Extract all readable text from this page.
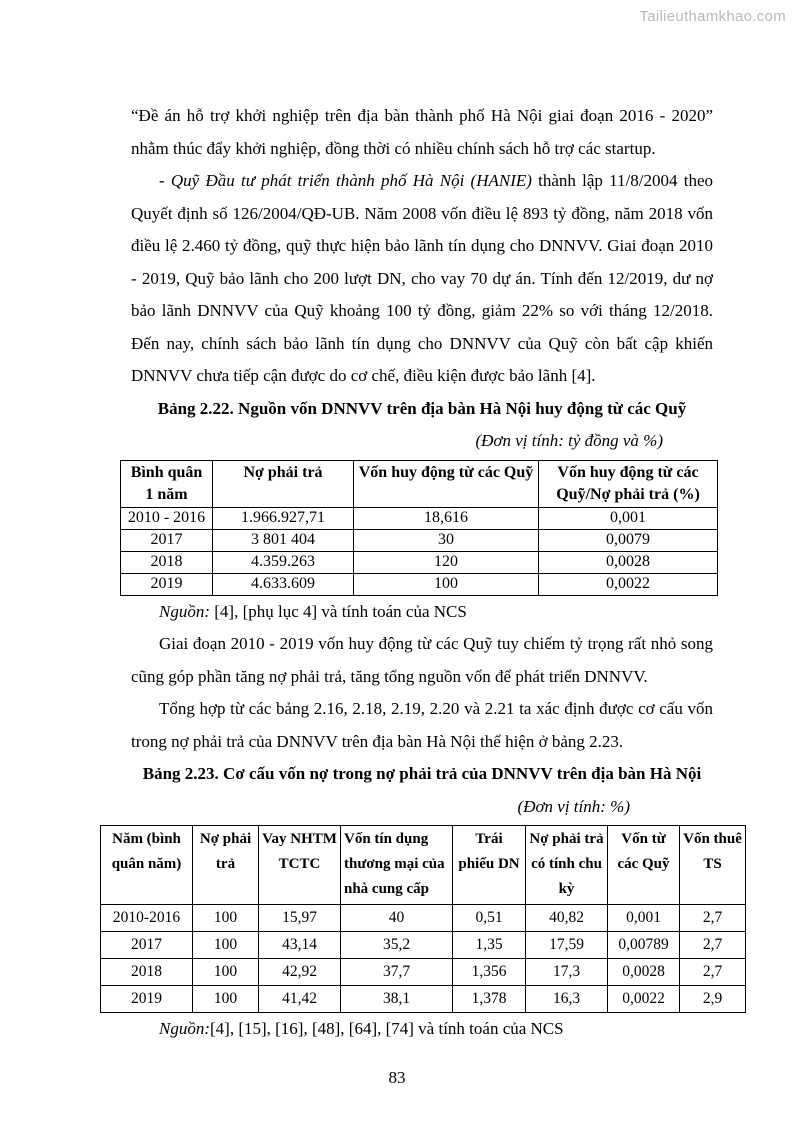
Tailieuthamkhao.com

“Đề án hỗ trợ khởi nghiệp trên địa bàn thành phố Hà Nội giai đoạn 2016 - 2020” nhằm thúc đẩy khởi nghiệp, đồng thời có nhiều chính sách hỗ trợ các startup.

- Quỹ Đầu tư phát triển thành phố Hà Nội (HANIE) thành lập 11/8/2004 theo Quyết định số 126/2004/QĐ-UB. Năm 2008 vốn điều lệ 893 tỷ đồng, năm 2018 vốn điều lệ 2.460 tỷ đồng, quỹ thực hiện bảo lãnh tín dụng cho DNNVV. Giai đoạn 2010 - 2019, Quỹ bảo lãnh cho 200 lượt DN, cho vay 70 dự án. Tính đến 12/2019, dư nợ bảo lãnh DNNVV của Quỹ khoảng 100 tỷ đồng, giảm 22% so với tháng 12/2018. Đến nay, chính sách bảo lãnh tín dụng cho DNNVV của Quỹ còn bất cập khiến DNNVV chưa tiếp cận được do cơ chế, điều kiện được bảo lãnh [4].

Bảng 2.22. Nguồn vốn DNNVV trên địa bàn Hà Nội huy động từ các Quỹ
(Đơn vị tính: tỷ đồng và %)
Bình quân 1 năm	Nợ phải trả	Vốn huy động từ các Quỹ	Vốn huy động từ các Quỹ/Nợ phải trả (%)
2010 - 2016	1.966.927,71	18,616	0,001
2017	3 801 404	30	0,0079
2018	4.359.263	120	0,0028
2019	4.633.609	100	0,0022
Nguồn: [4], [phụ lục 4] và tính toán của NCS

Giai đoạn 2010 - 2019 vốn huy động từ các Quỹ tuy chiếm tỷ trọng rất nhỏ song cũng góp phần tăng nợ phải trả, tăng tổng nguồn vốn để phát triển DNNVV.

Tổng hợp từ các bảng 2.16, 2.18, 2.19, 2.20 và 2.21 ta xác định được cơ cấu vốn trong nợ phải trả của DNNVV trên địa bàn Hà Nội thể hiện ở bảng 2.23.

Bảng 2.23. Cơ cấu vốn nợ trong nợ phải trả của DNNVV trên địa bàn Hà Nội
(Đơn vị tính: %)
Năm (bình quân năm)	Nợ phải trả	Vay NHTM TCTC	Vốn tín dụng thương mại của nhà cung cấp	Trái phiếu DN	Nợ phải trả có tính chu kỳ	Vốn từ các Quỹ	Vốn thuê TS
2010-2016	100	15,97	40	0,51	40,82	0,001	2,7
2017	100	43,14	35,2	1,35	17,59	0,00789	2,7
2018	100	42,92	37,7	1,356	17,3	0,0028	2,7
2019	100	41,42	38,1	1,378	16,3	0,0022	2,9
Nguồn:[4], [15], [16], [48], [64], [74] và tính toán của NCS
83
